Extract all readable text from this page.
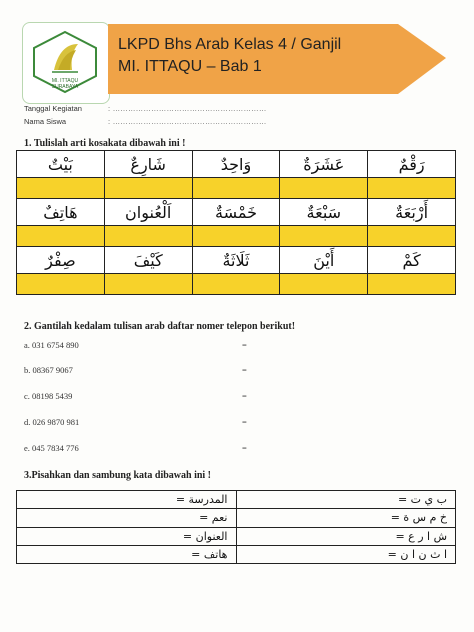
MI. ITTAQU
SURABAYA
LKPD Bhs Arab Kelas 4 / Ganjil
MI. ITTAQU – Bab 1
Tanggal Kegiatan	: ……………………………………………………
Nama Siswa	: ……………………………………………………
1. Tulislah arti kosakata dibawah ini !
بَيْتٌ	شَارِعٌ	وَاحِدٌ	عَشَرَةٌ	رَقْمٌ

هَاتِفٌ	اَلْعُنوان	خَمْسَةٌ	سَبْعَةٌ	أَرْبَعَةٌ

صِفْرٌ	كَيْفَ	ثَلَاثَةٌ	أَيْنَ	كَمْ

2. Gantilah kedalam tulisan arab daftar nomer telepon berikut!
a. 031 6754 890	=
b. 08367 9067	=
c. 08198 5439	=
d. 026 9870 981	=
e. 045 7834 776	=
3.Pisahkan dan sambung kata dibawah ini !
المدرسة =	ب ي ت =
نعم =	خ م س ة =
العنوان =	ش ا ر ع =
هاتف =	ا ث ن ا ن =
